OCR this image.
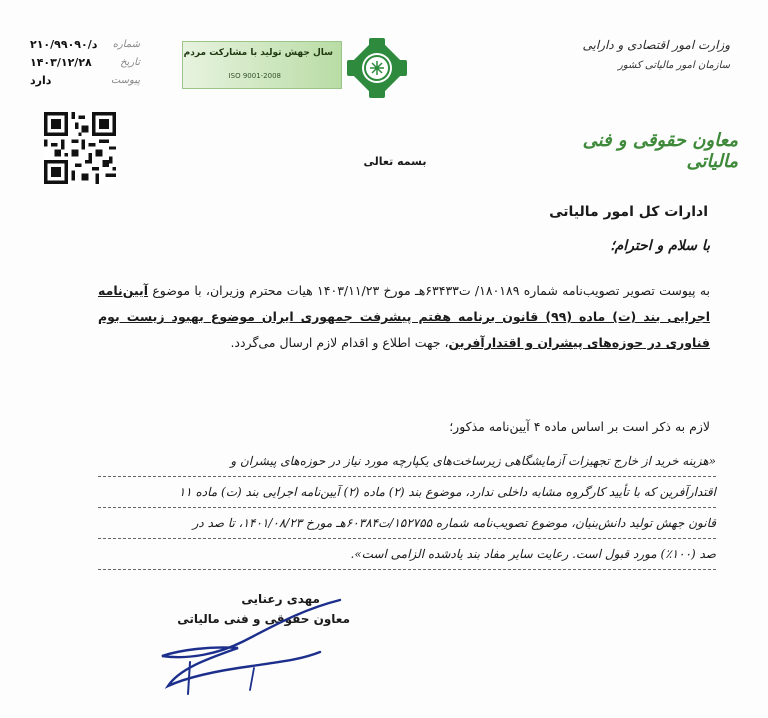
شماره
د/۲۱۰/۹۹۰۹۰
تاریخ
۱۴۰۳/۱۲/۲۸
پیوست
دارد
سال جهش تولید با مشارکت مردم
ISO 9001-2008
وزارت امور اقتصادی و دارایی
سازمان امور مالیاتی کشور
معاون حقوقی و فنی مالیاتی
بسمه تعالی
ادارات کل امور مالیاتی
با سلام و احترام؛
به پیوست تصویر تصویب‌نامه شماره ۱۸۰۱۸۹/ ت۶۳۴۳۳هـ مورخ ۱۴۰۳/۱۱/۲۳ هیات محترم وزیران، با موضوع آیین‌نامه اجرایی بند (ت) ماده (۹۹) قانون برنامه هفتم پیشرفت جمهوری ایران موضوع بهبود زیست بوم فناوری در حوزه‌های پیشران و اقتدارآفرین، جهت اطلاع و اقدام لازم ارسال می‌گردد.
لازم به ذکر است بر اساس ماده ۴ آیین‌نامه مذکور؛

«هزینه خرید از خارج تجهیزات آزمایشگاهی زیرساخت‌های یکپارچه مورد نیاز در حوزه‌های پیشران و

اقتدارآفرین که با تأیید کارگروه مشابه داخلی ندارد، موضوع بند (۲) ماده (۲) آیین‌نامه اجرایی بند (ت) ماده ۱۱

قانون جهش تولید دانش‌بنیان، موضوع تصویب‌نامه شماره ۱۵۲۷۵۵/ت۶۰۳۸۴هـ مورخ ۱۴۰۱/۰۸/۲۳، تا صد در

صد (۱۰۰٪) مورد قبول است. رعایت سایر مفاد بند یادشده الزامی است».

مهدی رعنایی
معاون حقوقی و فنی مالیاتی
